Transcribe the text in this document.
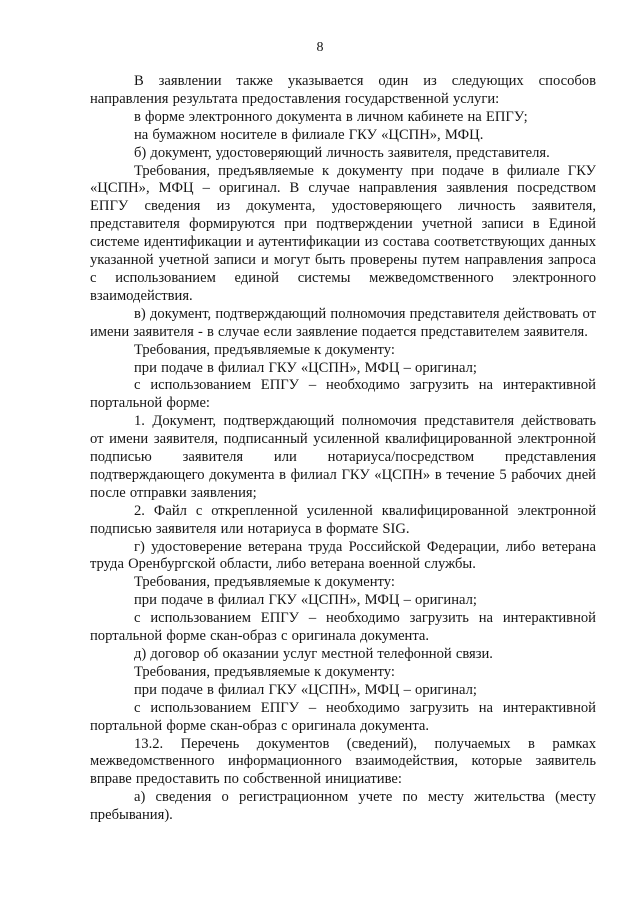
8

В заявлении также указывается один из следующих способов направления результата предоставления государственной услуги:

в форме электронного документа в личном кабинете на ЕПГУ;

на бумажном носителе в филиале ГКУ «ЦСПН», МФЦ.

б) документ, удостоверяющий личность заявителя, представителя.

Требования, предъявляемые к документу при подаче в филиале ГКУ «ЦСПН», МФЦ – оригинал. В случае направления заявления посредством ЕПГУ сведения из документа, удостоверяющего личность заявителя, представителя формируются при подтверждении учетной записи в Единой системе идентификации и аутентификации из состава соответствующих данных указанной учетной записи и могут быть проверены путем направления запроса с использованием единой системы межведомственного электронного взаимодействия.

в) документ, подтверждающий полномочия представителя действовать от имени заявителя - в случае если заявление подается представителем заявителя.

Требования, предъявляемые к документу:

при подаче в филиал ГКУ «ЦСПН», МФЦ – оригинал;

с использованием ЕПГУ – необходимо загрузить на интерактивной портальной форме:

1. Документ, подтверждающий полномочия представителя действовать от имени заявителя, подписанный усиленной квалифицированной электронной подписью заявителя или нотариуса/посредством представления подтверждающего документа в филиал ГКУ «ЦСПН» в течение 5 рабочих дней после отправки заявления;

2. Файл с открепленной усиленной квалифицированной электронной подписью заявителя или нотариуса в формате SIG.

г) удостоверение ветерана труда Российской Федерации, либо ветерана труда Оренбургской области, либо ветерана военной службы.

Требования, предъявляемые к документу:

при подаче в филиал ГКУ «ЦСПН», МФЦ – оригинал;

с использованием ЕПГУ – необходимо загрузить на интерактивной портальной форме скан-образ с оригинала документа.

д) договор об оказании услуг местной телефонной связи.

Требования, предъявляемые к документу:

при подаче в филиал ГКУ «ЦСПН», МФЦ – оригинал;

с использованием ЕПГУ – необходимо загрузить на интерактивной портальной форме скан-образ с оригинала документа.

13.2. Перечень документов (сведений), получаемых в рамках межведомственного информационного взаимодействия, которые заявитель вправе предоставить по собственной инициативе:

а) сведения о регистрационном учете по месту жительства (месту пребывания).
